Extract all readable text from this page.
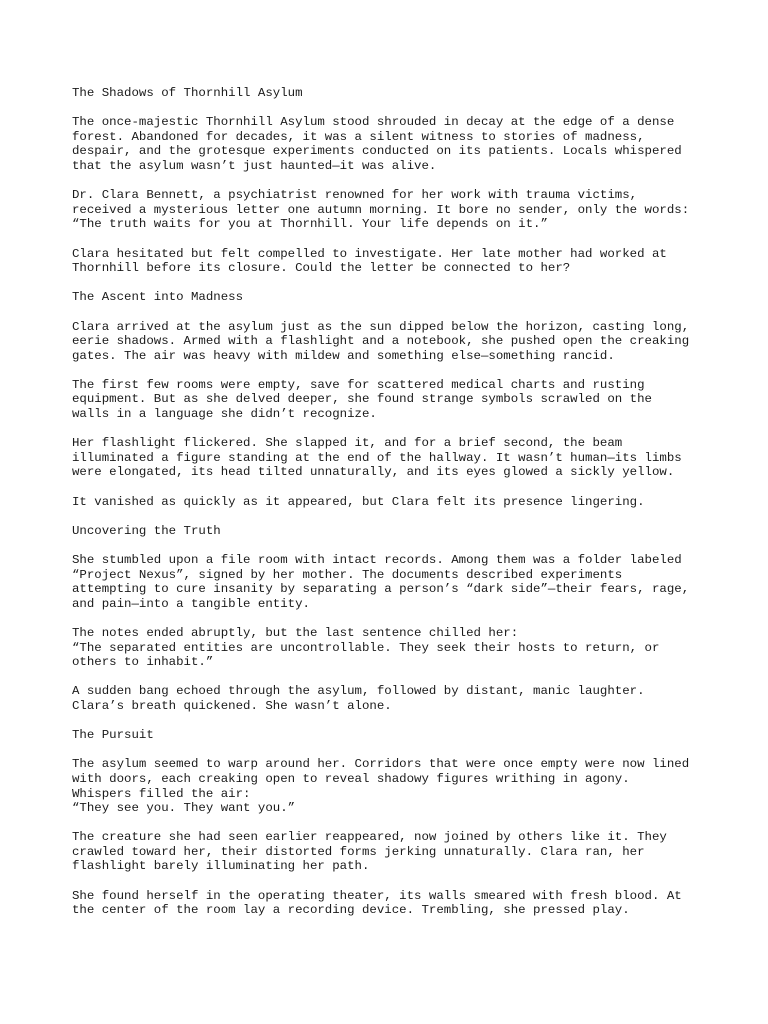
The Shadows of Thornhill Asylum

The once-majestic Thornhill Asylum stood shrouded in decay at the edge of a dense
forest. Abandoned for decades, it was a silent witness to stories of madness,
despair, and the grotesque experiments conducted on its patients. Locals whispered
that the asylum wasn’t just haunted—it was alive.

Dr. Clara Bennett, a psychiatrist renowned for her work with trauma victims,
received a mysterious letter one autumn morning. It bore no sender, only the words:
“The truth waits for you at Thornhill. Your life depends on it.”

Clara hesitated but felt compelled to investigate. Her late mother had worked at
Thornhill before its closure. Could the letter be connected to her?

The Ascent into Madness

Clara arrived at the asylum just as the sun dipped below the horizon, casting long,
eerie shadows. Armed with a flashlight and a notebook, she pushed open the creaking
gates. The air was heavy with mildew and something else—something rancid.

The first few rooms were empty, save for scattered medical charts and rusting
equipment. But as she delved deeper, she found strange symbols scrawled on the
walls in a language she didn’t recognize.

Her flashlight flickered. She slapped it, and for a brief second, the beam
illuminated a figure standing at the end of the hallway. It wasn’t human—its limbs
were elongated, its head tilted unnaturally, and its eyes glowed a sickly yellow.

It vanished as quickly as it appeared, but Clara felt its presence lingering.

Uncovering the Truth

She stumbled upon a file room with intact records. Among them was a folder labeled
“Project Nexus”, signed by her mother. The documents described experiments
attempting to cure insanity by separating a person’s “dark side”—their fears, rage,
and pain—into a tangible entity.

The notes ended abruptly, but the last sentence chilled her:
“The separated entities are uncontrollable. They seek their hosts to return, or
others to inhabit.”

A sudden bang echoed through the asylum, followed by distant, manic laughter.
Clara’s breath quickened. She wasn’t alone.

The Pursuit

The asylum seemed to warp around her. Corridors that were once empty were now lined
with doors, each creaking open to reveal shadowy figures writhing in agony.
Whispers filled the air:
“They see you. They want you.”

The creature she had seen earlier reappeared, now joined by others like it. They
crawled toward her, their distorted forms jerking unnaturally. Clara ran, her
flashlight barely illuminating her path.

She found herself in the operating theater, its walls smeared with fresh blood. At
the center of the room lay a recording device. Trembling, she pressed play.
